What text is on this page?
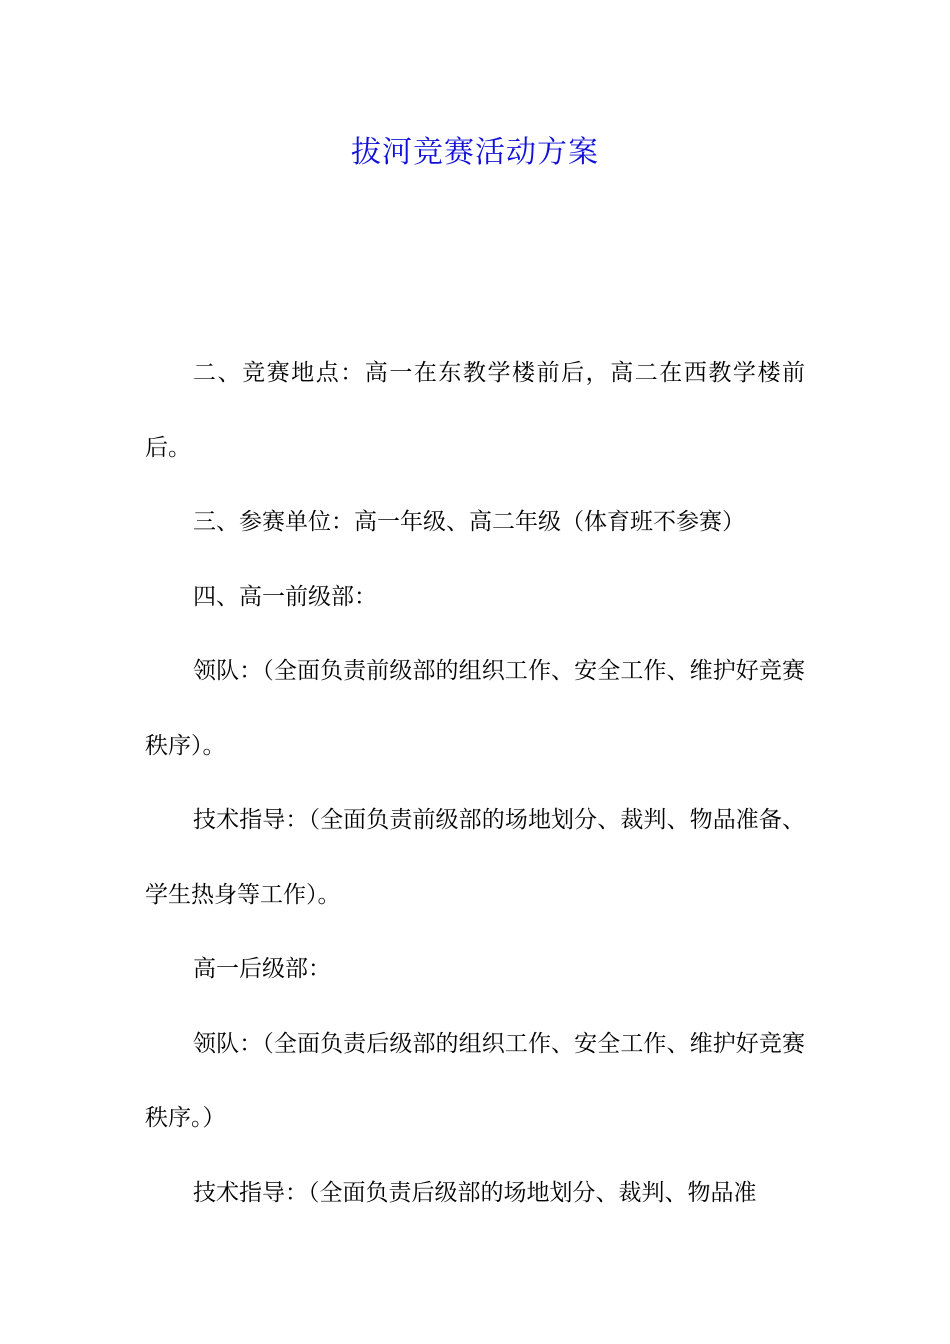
拔河竞赛活动方案

二、竞赛地点：高一在东教学楼前后，高二在西教学楼前后。

三、参赛单位：高一年级、高二年级（体育班不参赛）

四、高一前级部：

领队：（全面负责前级部的组织工作、安全工作、维护好竞赛秩序）。

技术指导：（全面负责前级部的场地划分、裁判、物品准备、学生热身等工作）。

高一后级部：

领队：（全面负责后级部的组织工作、安全工作、维护好竞赛秩序。）

技术指导：（全面负责后级部的场地划分、裁判、物品准
